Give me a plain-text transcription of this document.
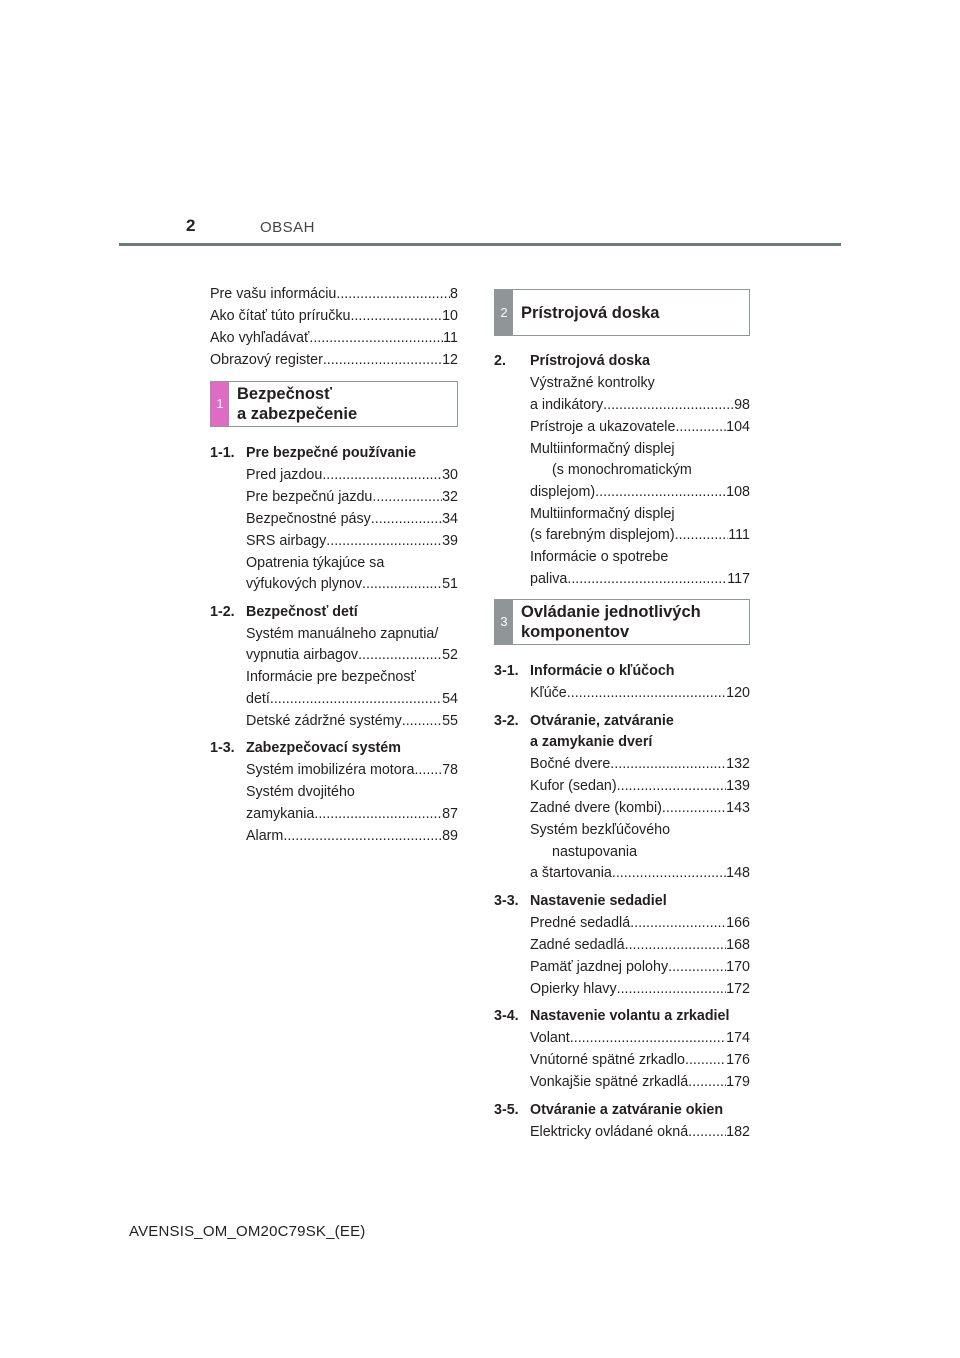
2	OBSAH
Pre vašu informáciu .....	8
Ako čítať túto príručku .....	10
Ako vyhľadávať .....	11
Obrazový register .....	12
1
Bezpečnosť
a zabezpečenie
1-1. Pre bezpečné používanie
Pred jazdou .....	30
Pre bezpečnú jazdu .....	32
Bezpečnostné pásy .....	34
SRS airbagy .....	39
Opatrenia týkajúce sa
výfukových plynov .....	51
1-2. Bezpečnosť detí
Systém manuálneho zapnutia/
vypnutia airbagov .....	52
Informácie pre bezpečnosť
detí .....	54
Detské zádržné systémy .....	55
1-3. Zabezpečovací systém
Systém imobilizéra motora ..... 78
Systém dvojitého
zamykania .....	87
Alarm .....	89
2 Prístrojová doska
2.	Prístrojová doska
Výstražné kontrolky
a indikátory .....	98
Prístroje a ukazovatele .....	104
Multiinformačný displej
(s monochromatickým
displejom) .....	108
Multiinformačný displej
(s farebným displejom) .....	111
Informácie o spotrebe
paliva .....	117
3
Ovládanie jednotlivých
komponentov
3-1. Informácie o kľúčoch
Kľúče .....	120
3-2. Otváranie, zatváranie
a zamykanie dverí
Bočné dvere .....	132
Kufor (sedan) .....	139
Zadné dvere (kombi) .....	143
Systém bezkľúčového
nastupovania
a štartovania .....	148
3-3. Nastavenie sedadiel
Predné sedadlá .....	166
Zadné sedadlá .....	168
Pamäť jazdnej polohy .....	170
Opierky hlavy .....	172
3-4. Nastavenie volantu a zrkadiel
Volant .....	174
Vnútorné spätné zrkadlo .....	176
Vonkajšie spätné zrkadlá .....	179
3-5. Otváranie a zatváranie okien
Elektricky ovládané okná .....	182
AVENSIS_OM_OM20C79SK_(EE)
